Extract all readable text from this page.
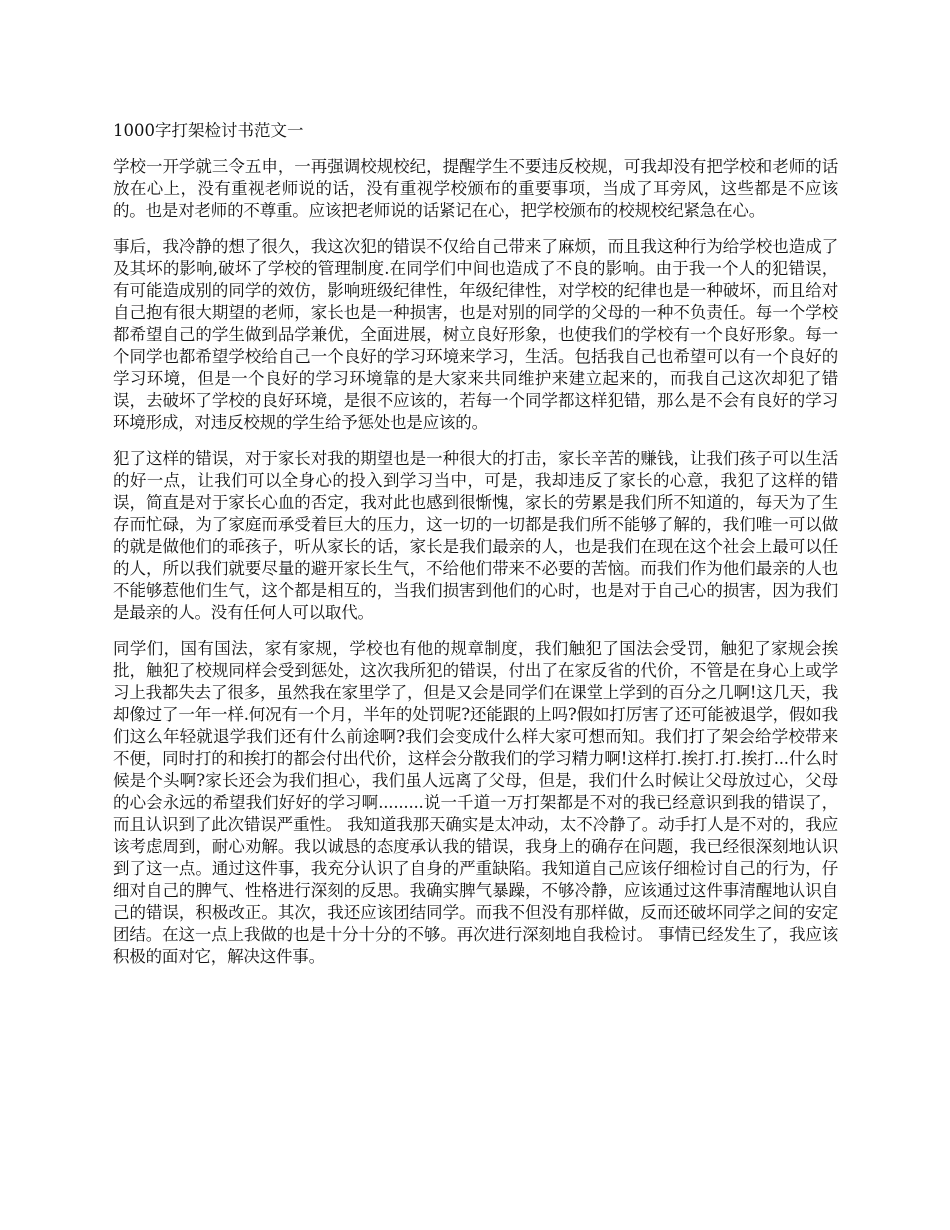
1000字打架检讨书范文一

学校一开学就三令五申，一再强调校规校纪，提醒学生不要违反校规，可我却没有把学校和老师的话放在心上，没有重视老师说的话，没有重视学校颁布的重要事项，当成了耳旁风，这些都是不应该的。也是对老师的不尊重。应该把老师说的话紧记在心，把学校颁布的校规校纪紧急在心。

事后，我冷静的想了很久，我这次犯的错误不仅给自己带来了麻烦，而且我这种行为给学校也造成了及其坏的影响,破坏了学校的管理制度.在同学们中间也造成了不良的影响。由于我一个人的犯错误，有可能造成别的同学的效仿，影响班级纪律性，年级纪律性，对学校的纪律也是一种破坏，而且给对自己抱有很大期望的老师，家长也是一种损害，也是对别的同学的父母的一种不负责任。每一个学校都希望自己的学生做到品学兼优，全面进展，树立良好形象，也使我们的学校有一个良好形象。每一个同学也都希望学校给自己一个良好的学习环境来学习，生活。包括我自己也希望可以有一个良好的学习环境，但是一个良好的学习环境靠的是大家来共同维护来建立起来的，而我自己这次却犯了错误，去破坏了学校的良好环境，是很不应该的，若每一个同学都这样犯错，那么是不会有良好的学习环境形成，对违反校规的学生给予惩处也是应该的。

犯了这样的错误，对于家长对我的期望也是一种很大的打击，家长辛苦的赚钱，让我们孩子可以生活的好一点，让我们可以全身心的投入到学习当中，可是，我却违反了家长的心意，我犯了这样的错误，简直是对于家长心血的否定，我对此也感到很惭愧，家长的劳累是我们所不知道的，每天为了生存而忙碌，为了家庭而承受着巨大的压力，这一切的一切都是我们所不能够了解的，我们唯一可以做的就是做他们的乖孩子，听从家长的话，家长是我们最亲的人，也是我们在现在这个社会上最可以任的人，所以我们就要尽量的避开家长生气，不给他们带来不必要的苦恼。而我们作为他们最亲的人也不能够惹他们生气，这个都是相互的，当我们损害到他们的心时，也是对于自己心的损害，因为我们是最亲的人。没有任何人可以取代。

同学们，国有国法，家有家规，学校也有他的规章制度，我们触犯了国法会受罚，触犯了家规会挨批，触犯了校规同样会受到惩处，这次我所犯的错误，付出了在家反省的代价，不管是在身心上或学习上我都失去了很多，虽然我在家里学了，但是又会是同学们在课堂上学到的百分之几啊!这几天，我却像过了一年一样.何况有一个月，半年的处罚呢?还能跟的上吗?假如打厉害了还可能被退学，假如我们这么年轻就退学我们还有什么前途啊?我们会变成什么样大家可想而知。我们打了架会给学校带来不便，同时打的和挨打的都会付出代价，这样会分散我们的学习精力啊!这样打.挨打.打.挨打...什么时候是个头啊?家长还会为我们担心，我们虽人远离了父母，但是，我们什么时候让父母放过心，父母的心会永远的希望我们好好的学习啊.........说一千道一万打架都是不对的我已经意识到我的错误了，而且认识到了此次错误严重性。 我知道我那天确实是太冲动，太不冷静了。动手打人是不对的，我应该考虑周到，耐心劝解。我以诚恳的态度承认我的错误，我身上的确存在问题，我已经很深刻地认识到了这一点。通过这件事，我充分认识了自身的严重缺陷。我知道自己应该仔细检讨自己的行为，仔细对自己的脾气、性格进行深刻的反思。我确实脾气暴躁，不够冷静，应该通过这件事清醒地认识自己的错误，积极改正。其次，我还应该团结同学。而我不但没有那样做，反而还破坏同学之间的安定团结。在这一点上我做的也是十分十分的不够。再次进行深刻地自我检讨。 事情已经发生了，我应该积极的面对它，解决这件事。
